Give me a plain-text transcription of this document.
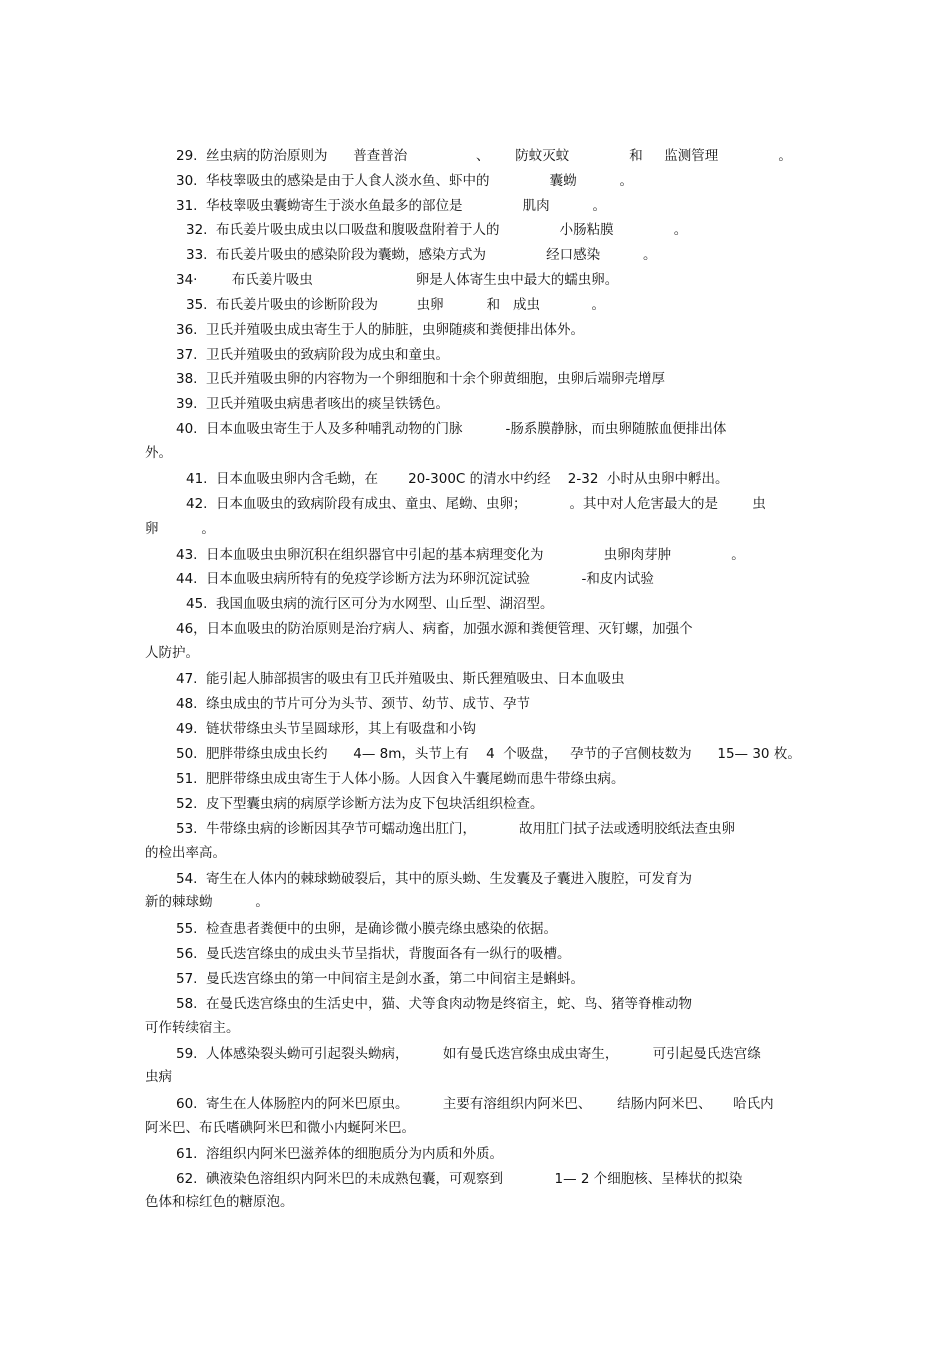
29.  丝虫病的防治原则为      普查普治                、      防蚊灭蚊              和     监测管理              。
30.  华枝睾吸虫的感染是由于人食人淡水鱼、虾中的              囊蚴          。
31.  华枝睾吸虫囊蚴寄生于淡水鱼最多的部位是              肌肉          。
32.  布氏姜片吸虫成虫以口吸盘和腹吸盘附着于人的              小肠粘膜              。
33.  布氏姜片吸虫的感染阶段为囊蚴，感染方式为              经口感染          。
34·        布氏姜片吸虫                        卵是人体寄生虫中最大的蠕虫卵。
35.  布氏姜片吸虫的诊断阶段为         虫卵          和   成虫            。
36.  卫氏并殖吸虫成虫寄生于人的肺脏，虫卵随痰和粪便排出体外。
37.  卫氏并殖吸虫的致病阶段为成虫和童虫。
38.  卫氏并殖吸虫卵的内容物为一个卵细胞和十余个卵黄细胞，虫卵后端卵壳增厚
39.  卫氏并殖吸虫病患者咳出的痰呈铁锈色。
40.  日本血吸虫寄生于人及多种哺乳动物的门脉          -肠系膜静脉，而虫卵随脓血便排出体
外。
41.  日本血吸虫卵内含毛蚴，在       20-300C 的清水中约经    2-32  小时从虫卵中孵出。
42.  日本血吸虫的致病阶段有成虫、童虫、尾蚴、虫卵；          。其中对人危害最大的是        虫
卵          。
43.  日本血吸虫虫卵沉积在组织器官中引起的基本病理变化为              虫卵肉芽肿              。
44.  日本血吸虫病所特有的免疫学诊断方法为环卵沉淀试验            -和皮内试验
45.  我国血吸虫病的流行区可分为水网型、山丘型、湖沼型。
46，日本血吸虫的防治原则是治疗病人、病畜，加强水源和粪便管理、灭钉螺，加强个
人防护。
47.  能引起人肺部损害的吸虫有卫氏并殖吸虫、斯氏狸殖吸虫、日本血吸虫
48.  绦虫成虫的节片可分为头节、颈节、幼节、成节、孕节
49.  链状带绦虫头节呈圆球形，其上有吸盘和小钩
50.  肥胖带绦虫成虫长约      4— 8m，头节上有    4  个吸盘，   孕节的子宫侧枝数为      15— 30 枚。
51.  肥胖带绦虫成虫寄生于人体小肠。人因食入牛囊尾蚴而患牛带绦虫病。
52.  皮下型囊虫病的病原学诊断方法为皮下包块活组织检查。
53.  牛带绦虫病的诊断因其孕节可蠕动逸出肛门，          故用肛门拭子法或透明胶纸法查虫卵
的检出率高。
54.  寄生在人体内的棘球蚴破裂后，其中的原头蚴、生发囊及子囊进入腹腔，可发育为
新的棘球蚴          。
55.  检查患者粪便中的虫卵，是确诊微小膜壳绦虫感染的依据。
56.  曼氏迭宫绦虫的成虫头节呈指状，背腹面各有一纵行的吸槽。
57.  曼氏迭宫绦虫的第一中间宿主是剑水蚤，第二中间宿主是蝌蚪。
58.  在曼氏迭宫绦虫的生活史中，猫、犬等食肉动物是终宿主，蛇、鸟、猪等脊椎动物
可作转续宿主。
59.  人体感染裂头蚴可引起裂头蚴病，        如有曼氏迭宫绦虫成虫寄生，        可引起曼氏迭宫绦
虫病
60.  寄生在人体肠腔内的阿米巴原虫。        主要有溶组织内阿米巴、      结肠内阿米巴、     哈氏内
阿米巴、布氏嗜碘阿米巴和微小内蜒阿米巴。
61.  溶组织内阿米巴滋养体的细胞质分为内质和外质。
62.  碘液染色溶组织内阿米巴的未成熟包囊，可观察到            1— 2 个细胞核、呈棒状的拟染
色体和棕红色的糖原泡。
